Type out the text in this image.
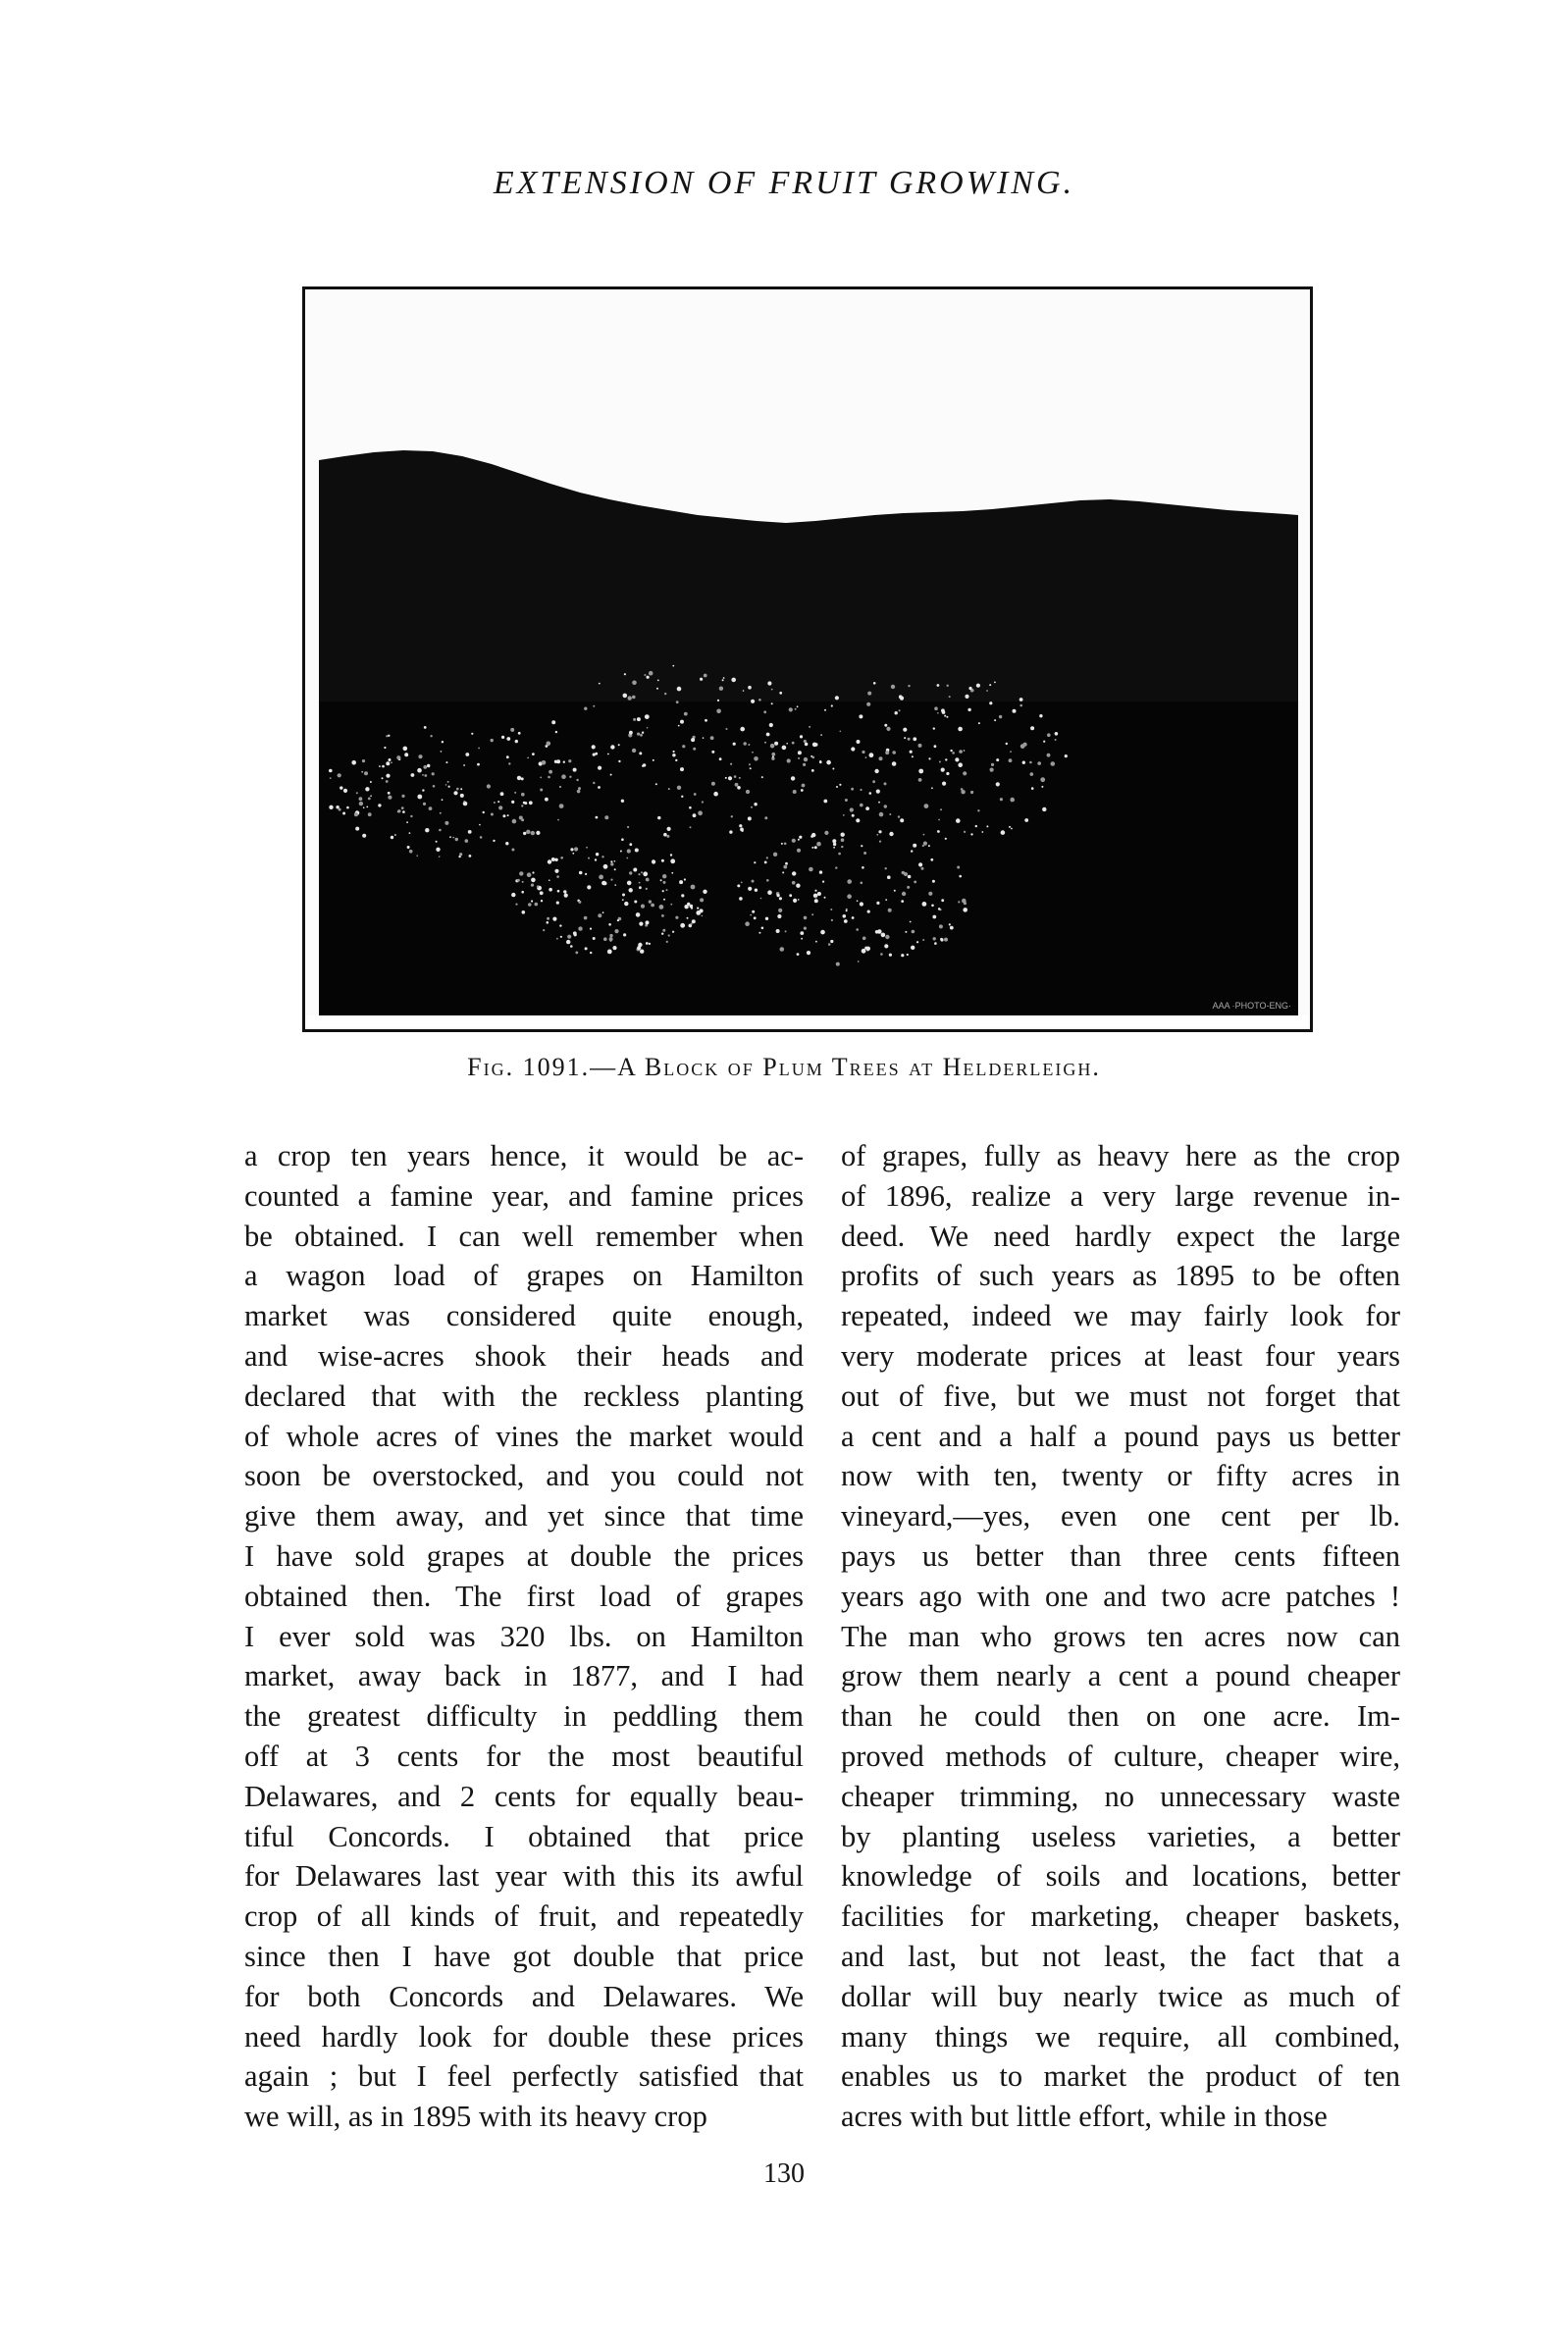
EXTENSION OF FRUIT GROWING.
AAA ·PHOTO-ENG·
Fig. 1091.—A Block of Plum Trees at Helderleigh.
a crop ten years hence, it would be ac-
counted a famine year, and famine prices
be obtained. I can well remember when
a wagon load of grapes on Hamilton
market was considered quite enough,
and wise-acres shook their heads and
declared that with the reckless planting
of whole acres of vines the market would
soon be overstocked, and you could not
give them away, and yet since that time
I have sold grapes at double the prices
obtained then. The first load of grapes
I ever sold was 320 lbs. on Hamilton
market, away back in 1877, and I had
the greatest difficulty in peddling them
off at 3 cents for the most beautiful
Delawares, and 2 cents for equally beau-
tiful Concords. I obtained that price
for Delawares last year with this its awful
crop of all kinds of fruit, and repeatedly
since then I have got double that price
for both Concords and Delawares. We
need hardly look for double these prices
again ; but I feel perfectly satisfied that
we will, as in 1895 with its heavy crop
of grapes, fully as heavy here as the crop
of 1896, realize a very large revenue in-
deed. We need hardly expect the large
profits of such years as 1895 to be often
repeated, indeed we may fairly look for
very moderate prices at least four years
out of five, but we must not forget that
a cent and a half a pound pays us better
now with ten, twenty or fifty acres in
vineyard,—yes, even one cent per lb.
pays us better than three cents fifteen
years ago with one and two acre patches !
The man who grows ten acres now can
grow them nearly a cent a pound cheaper
than he could then on one acre. Im-
proved methods of culture, cheaper wire,
cheaper trimming, no unnecessary waste
by planting useless varieties, a better
knowledge of soils and locations, better
facilities for marketing, cheaper baskets,
and last, but not least, the fact that a
dollar will buy nearly twice as much of
many things we require, all combined,
enables us to market the product of ten
acres with but little effort, while in those
130
